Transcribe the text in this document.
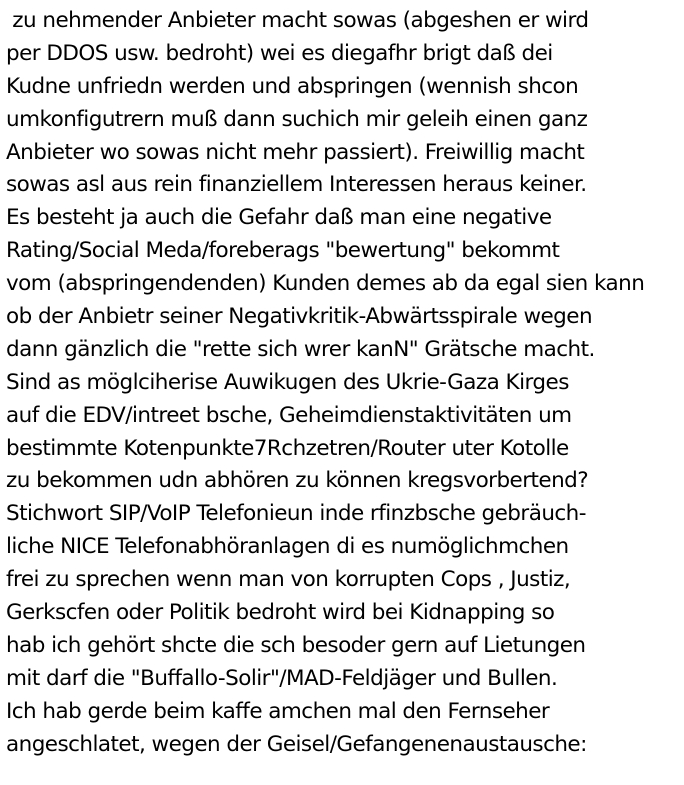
zu nehmender Anbieter macht sowas (abgeshen er wird
per DDOS usw. bedroht) wei es diegafhr brigt daß dei
Kudne unfriedn werden und abspringen (wennish shcon
umkonfigutrern muß dann suchich mir geleih einen ganz
Anbieter wo sowas nicht mehr passiert). Freiwillig macht
sowas asl aus rein finanziellem Interessen heraus keiner.
Es besteht ja auch die Gefahr daß man eine negative
Rating/Social Meda/foreberags "bewertung" bekommt
vom (abspringendenden) Kunden demes ab da egal sien kann
ob der Anbietr seiner Negativkritik-Abwärtsspirale wegen
dann gänzlich die "rette sich wrer kanN" Grätsche macht.
Sind as möglciherise Auwikugen des Ukrie-Gaza Kirges
auf die EDV/intreet bsche, Geheimdienstaktivitäten um
bestimmte Kotenpunkte7Rchzetren/Router uter Kotolle
zu bekommen udn abhören zu können kregsvorbertend?
Stichwort SIP/VoIP Telefonieun inde rfinzbsche gebräuch-
liche NICE Telefonabhöranlagen di es numöglichmchen
frei zu sprechen wenn man von korrupten Cops , Justiz,
Gerkscfen oder Politik bedroht wird bei Kidnapping so
hab ich gehört shcte die sch besoder gern auf Lietungen
mit darf die "Buffallo-Solir"/MAD-Feldjäger und Bullen.
Ich hab gerde beim kaffe amchen mal den Fernseher
angeschlatet, wegen der Geisel/Gefangenenaustausche:
